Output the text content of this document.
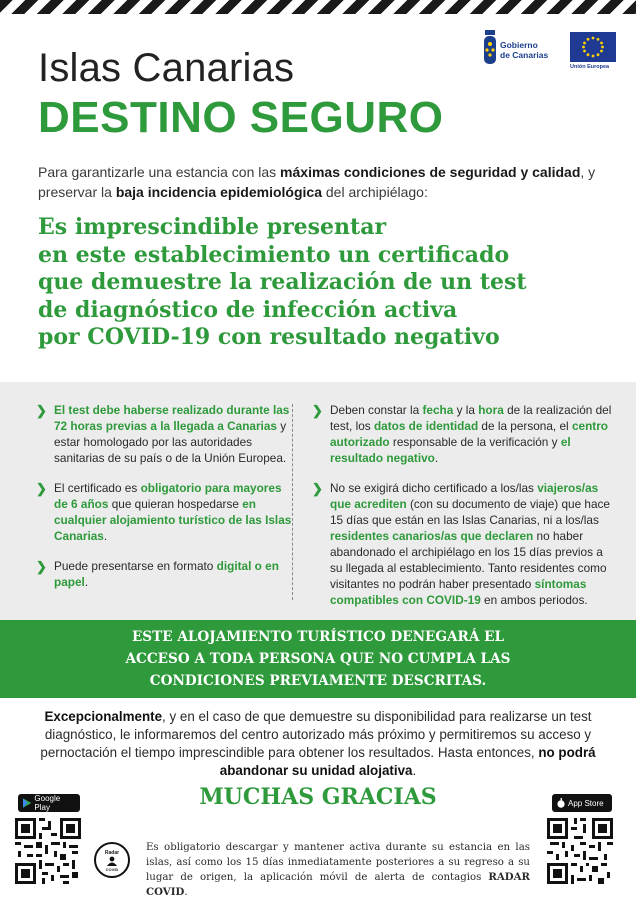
Gobierno
de Canarias
Unión Europea
Islas Canarias
DESTINO SEGURO

Para garantizarle una estancia con las máximas condiciones de seguridad y calidad, y preservar la baja incidencia epidemiológica del archipiélago:

Es imprescindible presentar
en este establecimiento un certificado
que demuestre la realización de un test
de diagnóstico de infección activa
por COVID-19 con resultado negativo
❯ El test debe haberse realizado durante las 72 horas previas a la llegada a Canarias y estar homologado por las autoridades sanitarias de su país o de la Unión Europea.
❯ El certificado es obligatorio para mayores de 6 años que quieran hospedarse en cualquier alojamiento turístico de las Islas Canarias.
❯ Puede presentarse en formato digital o en papel.
❯ Deben constar la fecha y la hora de la realización del test, los datos de identidad de la persona, el centro autorizado responsable de la verificación y el resultado negativo.
❯ No se exigirá dicho certificado a los/las viajeros/as que acrediten (con su documento de viaje) que hace 15 días que están en las Islas Canarias, ni a los/las residentes canarios/as que declaren no haber abandonado el archipiélago en los 15 días previos a su llegada al establecimiento. Tanto residentes como visitantes no podrán haber presentado síntomas compatibles con COVID-19 en ambos periodos.
ESTE ALOJAMIENTO TURÍSTICO DENEGARÁ EL
ACCESO A TODA PERSONA QUE NO CUMPLA LAS
CONDICIONES PREVIAMENTE DESCRITAS.

Excepcionalmente, y en el caso de que demuestre su disponibilidad para realizarse un test diagnóstico, le informaremos del centro autorizado más próximo y permitiremos su acceso y pernoctación el tiempo imprescindible para obtener los resultados. Hasta entonces, no podrá abandonar su unidad alojativa.

MUCHAS GRACIAS
Google Play	App Store
Radar
COVID

Es obligatorio descargar y mantener activa durante su estancia en las islas, así como los 15 días inmediatamente posteriores a su regreso a su lugar de origen, la aplicación móvil de alerta de contagios RADAR COVID.
